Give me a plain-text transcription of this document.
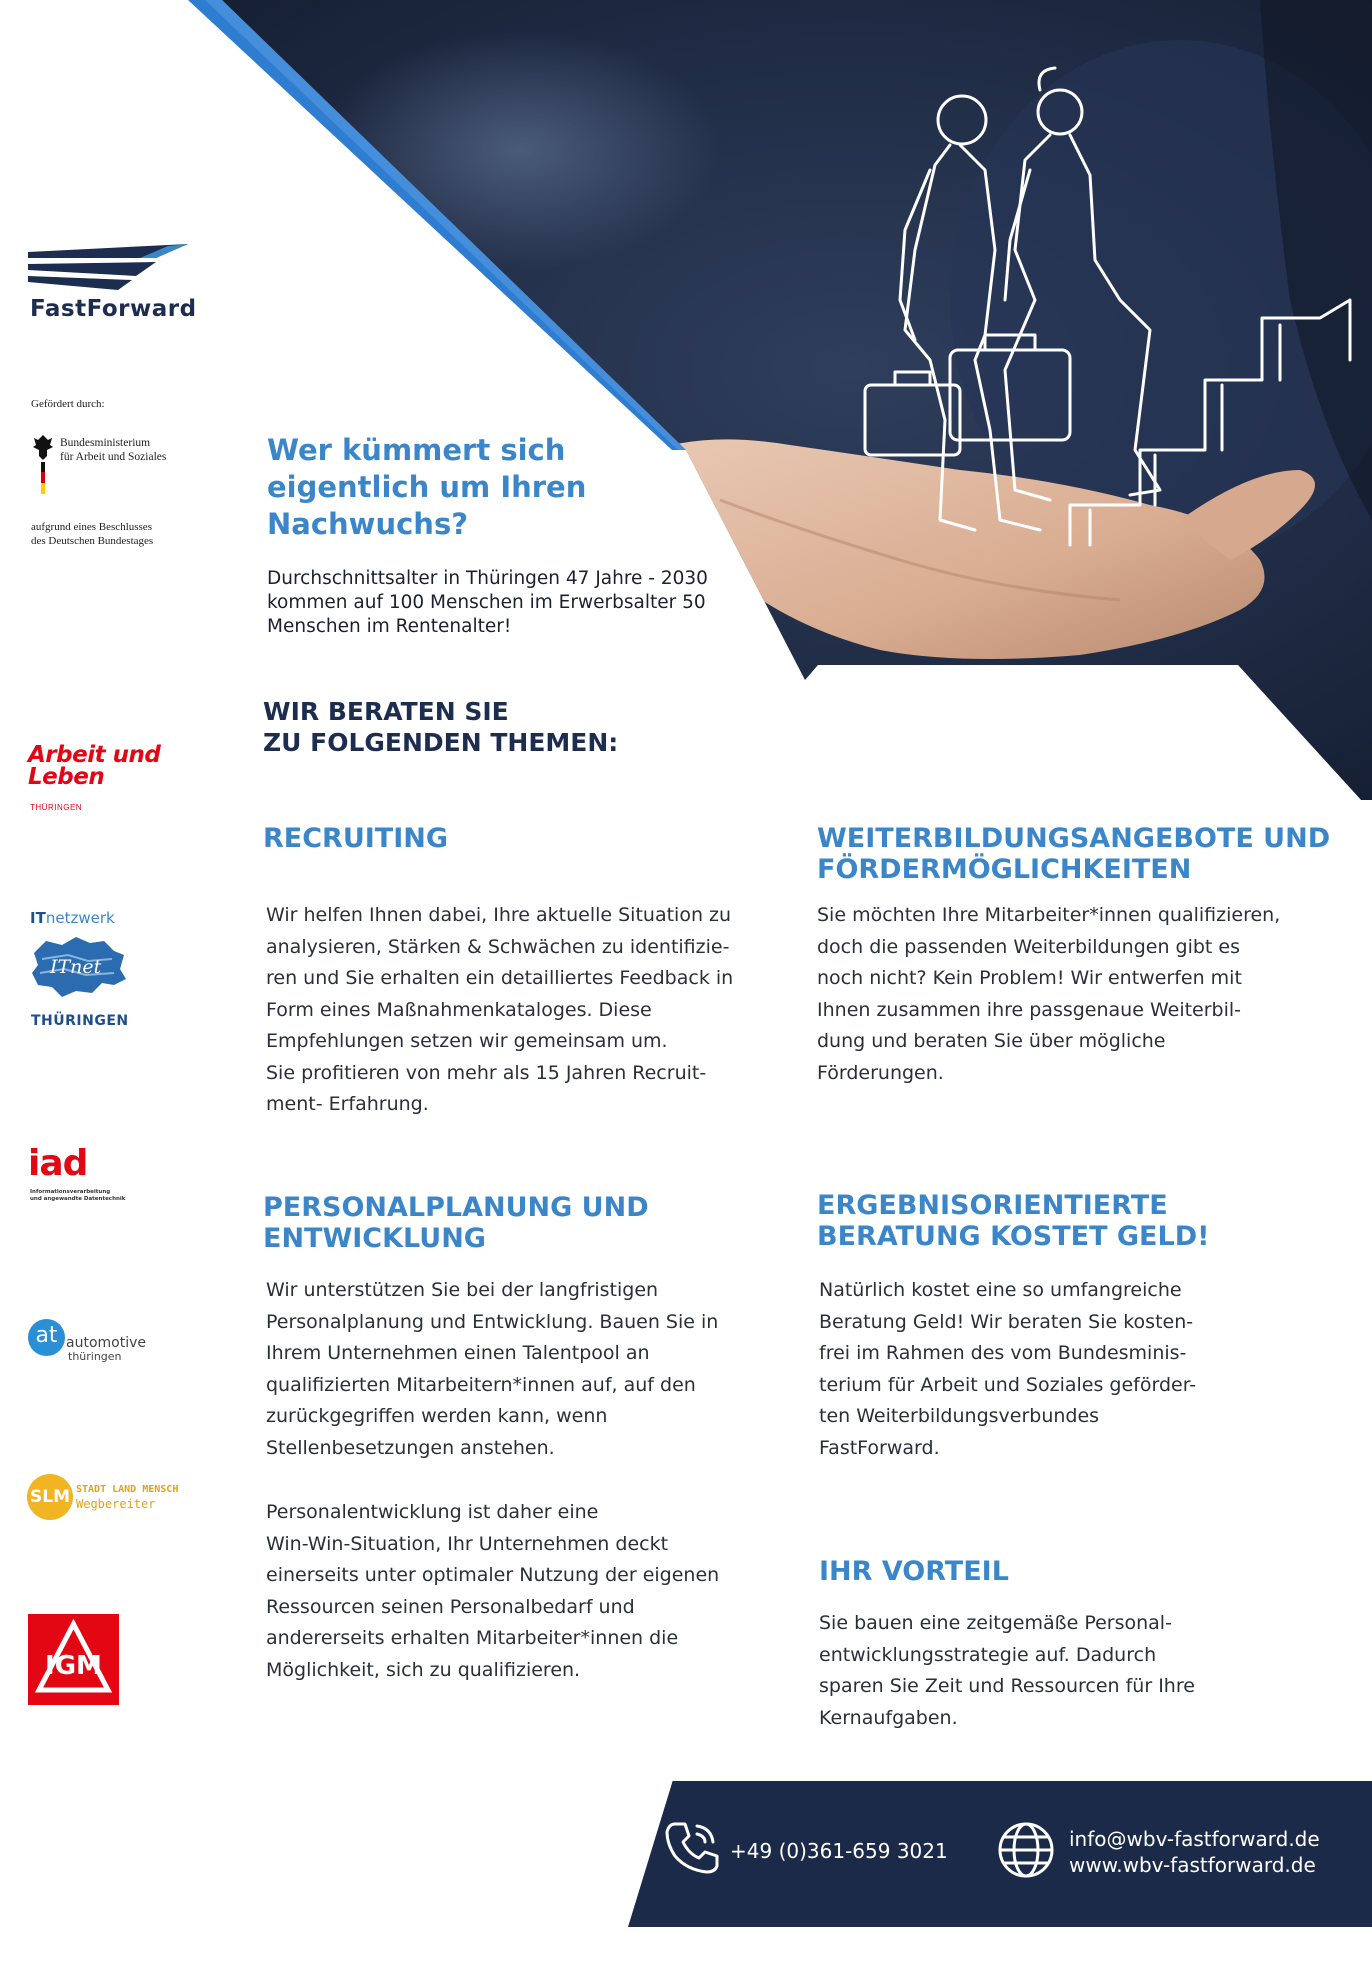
FastForward
Gefördert durch:
Bundesministerium
für Arbeit und Soziales
aufgrund eines Beschlusses
des Deutschen Bundestages
Arbeit und
Leben
THÜRINGEN
ITnetzwerk
ITnet
THÜRINGEN
iad
Informationsverarbeitung
und angewandte Datentechnik
at automotive
thüringen
SLM STADT LAND MENSCH
Wegbereiter
IGM
Wer kümmert sich eigentlich um Ihren Nachwuchs?

Durchschnittsalter in Thüringen 47 Jahre - 2030 kommen auf 100 Menschen im Erwerbsalter 50 Menschen im Rentenalter!

WIR BERATEN SIE
ZU FOLGENDEN THEMEN:
RECRUITING

Wir helfen Ihnen dabei, Ihre aktuelle Situation zu
analysieren, Stärken & Schwächen zu identifizie-
ren und Sie erhalten ein detailliertes Feedback in
Form eines Maßnahmenkataloges. Diese
Empfehlungen setzen wir gemeinsam um.
Sie profitieren von mehr als 15 Jahren Recruit-
ment- Erfahrung.

WEITERBILDUNGSANGEBOTE UND
FÖRDERMÖGLICHKEITEN

Sie möchten Ihre Mitarbeiter*innen qualifizieren,
doch die passenden Weiterbildungen gibt es
noch nicht? Kein Problem! Wir entwerfen mit
Ihnen zusammen ihre passgenaue Weiterbil-
dung und beraten Sie über mögliche
Förderungen.

PERSONALPLANUNG UND
ENTWICKLUNG

Wir unterstützen Sie bei der langfristigen
Personalplanung und Entwicklung. Bauen Sie in
Ihrem Unternehmen einen Talentpool an
qualifizierten Mitarbeitern*innen auf, auf den
zurückgegriffen werden kann, wenn
Stellenbesetzungen anstehen.

Personalentwicklung ist daher eine
Win-Win-Situation, Ihr Unternehmen deckt
einerseits unter optimaler Nutzung der eigenen
Ressourcen seinen Personalbedarf und
andererseits erhalten Mitarbeiter*innen die
Möglichkeit, sich zu qualifizieren.

ERGEBNISORIENTIERTE
BERATUNG KOSTET GELD!

Natürlich kostet eine so umfangreiche
Beratung Geld! Wir beraten Sie kosten-
frei im Rahmen des vom Bundesminis-
terium für Arbeit und Soziales geförder-
ten Weiterbildungsverbundes
FastForward.

IHR VORTEIL

Sie bauen eine zeitgemäße Personal-
entwicklungsstrategie auf. Dadurch
sparen Sie Zeit und Ressourcen für Ihre
Kernaufgaben.

+49 (0)361-659 3021	info@wbv-fastforward.de
www.wbv-fastforward.de
